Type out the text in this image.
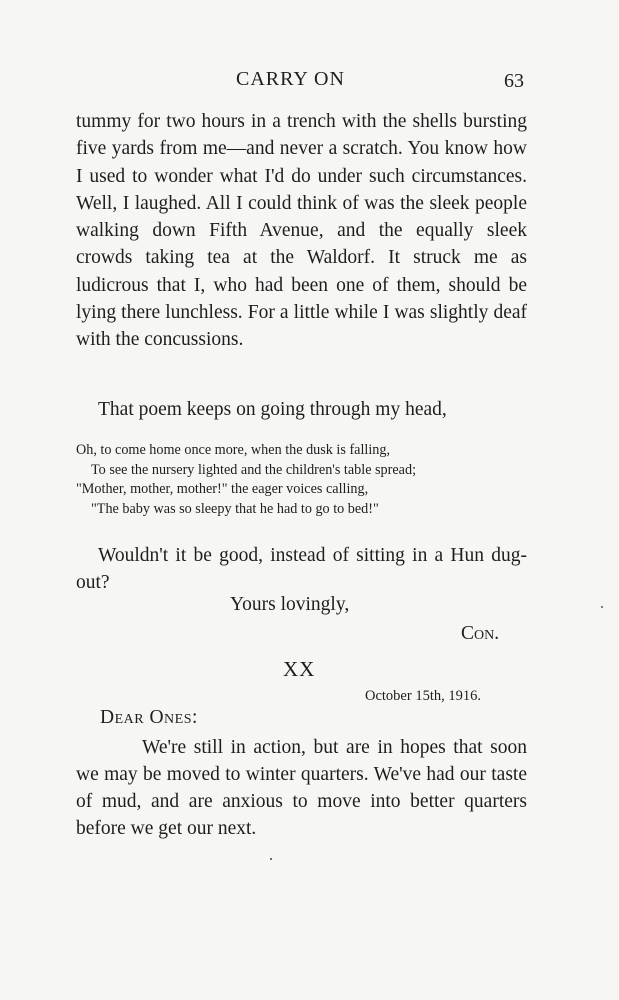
CARRY ON	63

tummy for two hours in a trench with the shells bursting five yards from me—and never a scratch. You know how I used to wonder what I'd do under such circumstances. Well, I laughed. All I could think of was the sleek people walking down Fifth Avenue, and the equally sleek crowds taking tea at the Waldorf. It struck me as ludicrous that I, who had been one of them, should be lying there lunchless. For a little while I was slightly deaf with the concussions.

That poem keeps on going through my head,

Oh, to come home once more, when the dusk is falling,
To see the nursery lighted and the children's table spread;
"Mother, mother, mother!" the eager voices calling,
"The baby was so sleepy that he had to go to bed!"

Wouldn't it be good, instead of sitting in a Hun dug-out?

Yours lovingly,
Con.
XX
October 15th, 1916.
Dear Ones:

We're still in action, but are in hopes that soon we may be moved to winter quarters. We've had our taste of mud, and are anxious to move into better quarters before we get our next.
